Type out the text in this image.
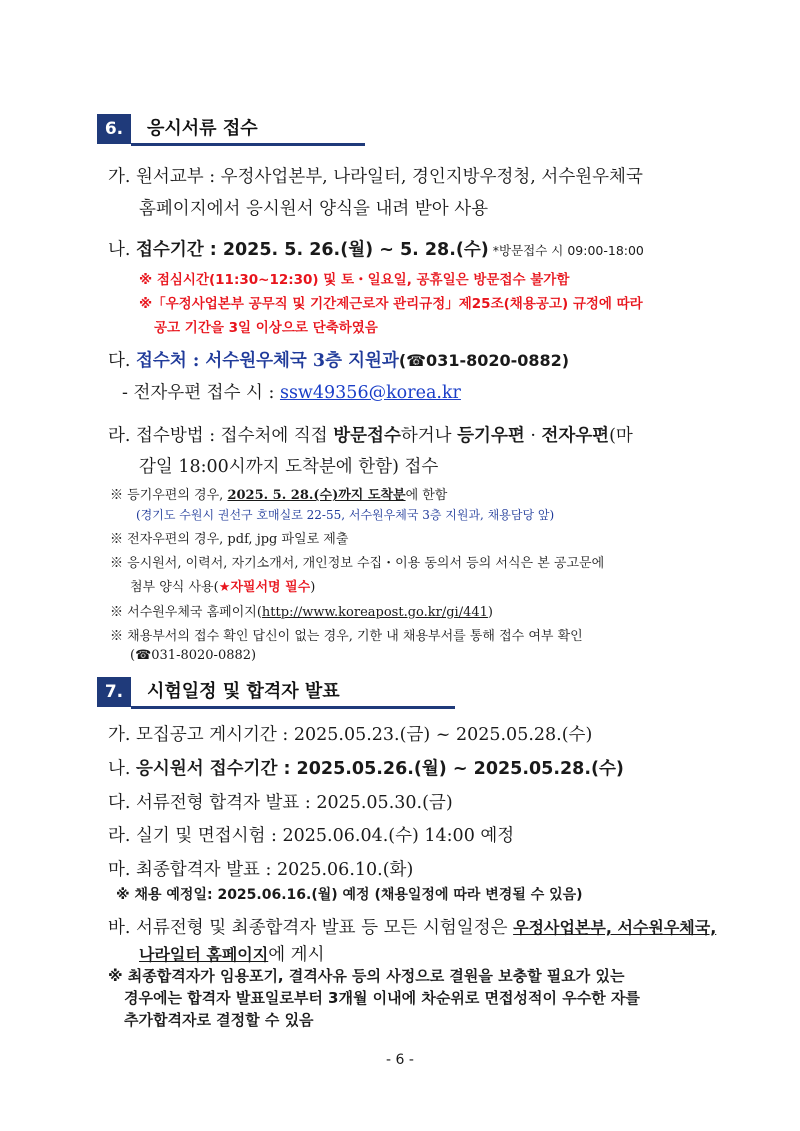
6.	응시서류 접수
가. 원서교부 : 우정사업본부, 나라일터, 경인지방우정청, 서수원우체국
홈페이지에서 응시원서 양식을 내려 받아 사용
나. 접수기간 : 2025. 5. 26.(월) ~ 5. 28.(수) *방문접수 시 09:00-18:00
※ 점심시간(11:30~12:30) 및 토・일요일, 공휴일은 방문접수 불가함
※「우정사업본부 공무직 및 기간제근로자 관리규정」제25조(채용공고) 규정에 따라
공고 기간을 3일 이상으로 단축하였음
다. 접수처 : 서수원우체국 3층 지원과(☎031-8020-0882)
- 전자우편 접수 시 : ssw49356@korea.kr
라. 접수방법 : 접수처에 직접 방문접수하거나 등기우편 · 전자우편(마
감일 18:00시까지 도착분에 한함) 접수
※ 등기우편의 경우, 2025. 5. 28.(수)까지 도착분에 한함
(경기도 수원시 권선구 호매실로 22-55, 서수원우체국 3층 지원과, 채용담당 앞)
※ 전자우편의 경우, pdf, jpg 파일로 제출
※ 응시원서, 이력서, 자기소개서, 개인정보 수집・이용 동의서 등의 서식은 본 공고문에
첨부 양식 사용(★자필서명 필수)
※ 서수원우체국 홈페이지(http://www.koreapost.go.kr/gi/441)
※ 채용부서의 접수 확인 답신이 없는 경우, 기한 내 채용부서를 통해 접수 여부 확인
(☎031-8020-0882)
7.	시험일정 및 합격자 발표
가. 모집공고 게시기간 : 2025.05.23.(금) ~ 2025.05.28.(수)
나. 응시원서 접수기간 : 2025.05.26.(월) ~ 2025.05.28.(수)
다. 서류전형 합격자 발표 : 2025.05.30.(금)
라. 실기 및 면접시험 : 2025.06.04.(수) 14:00 예정
마. 최종합격자 발표 : 2025.06.10.(화)
※ 채용 예정일: 2025.06.16.(월) 예정 (채용일정에 따라 변경될 수 있음)
바. 서류전형 및 최종합격자 발표 등 모든 시험일정은 우정사업본부, 서수원우체국,
나라일터 홈페이지에 게시
※ 최종합격자가 임용포기, 결격사유 등의 사정으로 결원을 보충할 필요가 있는
경우에는 합격자 발표일로부터 3개월 이내에 차순위로 면접성적이 우수한 자를
추가합격자로 결정할 수 있음
- 6 -
